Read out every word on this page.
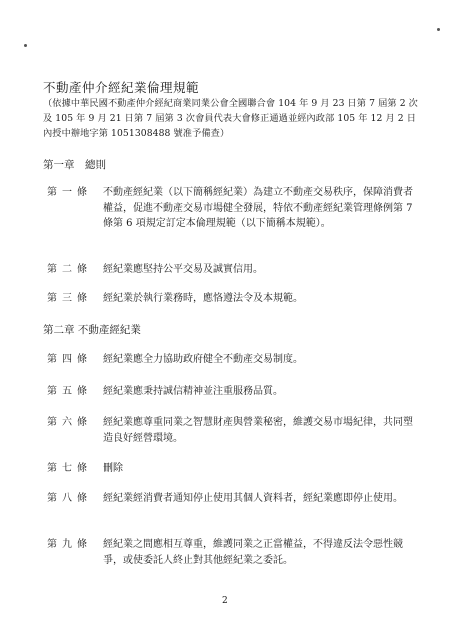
不動產仲介經紀業倫理規範
（依據中華民國不動產仲介經紀商業同業公會全國聯合會 104 年 9 月 23 日第 7 屆第 2 次及 105 年 9 月 21 日第 7 屆第 3 次會員代表大會修正通過並經內政部 105 年 12 月 2 日內授中辦地字第 1051308488 號准予備查）
第一章　總則
第一條	不動產經紀業（以下簡稱經紀業）為建立不動產交易秩序，保障消費者權益，促進不動產交易市場健全發展，特依不動產經紀業管理條例第 7 條第 6 項規定訂定本倫理規範（以下簡稱本規範）。
第二條	經紀業應堅持公平交易及誠實信用。
第三條	經紀業於執行業務時，應恪遵法令及本規範。
第二章 不動產經紀業
第四條	經紀業應全力協助政府健全不動產交易制度。
第五條	經紀業應秉持誠信精神並注重服務品質。
第六條	經紀業應尊重同業之智慧財產與營業秘密，維護交易市場紀律，共同塑造良好經營環境。
第七條	刪除
第八條	經紀業經消費者通知停止使用其個人資料者，經紀業應即停止使用。
第九條	經紀業之間應相互尊重，維護同業之正當權益，不得違反法令惡性競爭，或使委託人終止對其他經紀業之委託。
2
